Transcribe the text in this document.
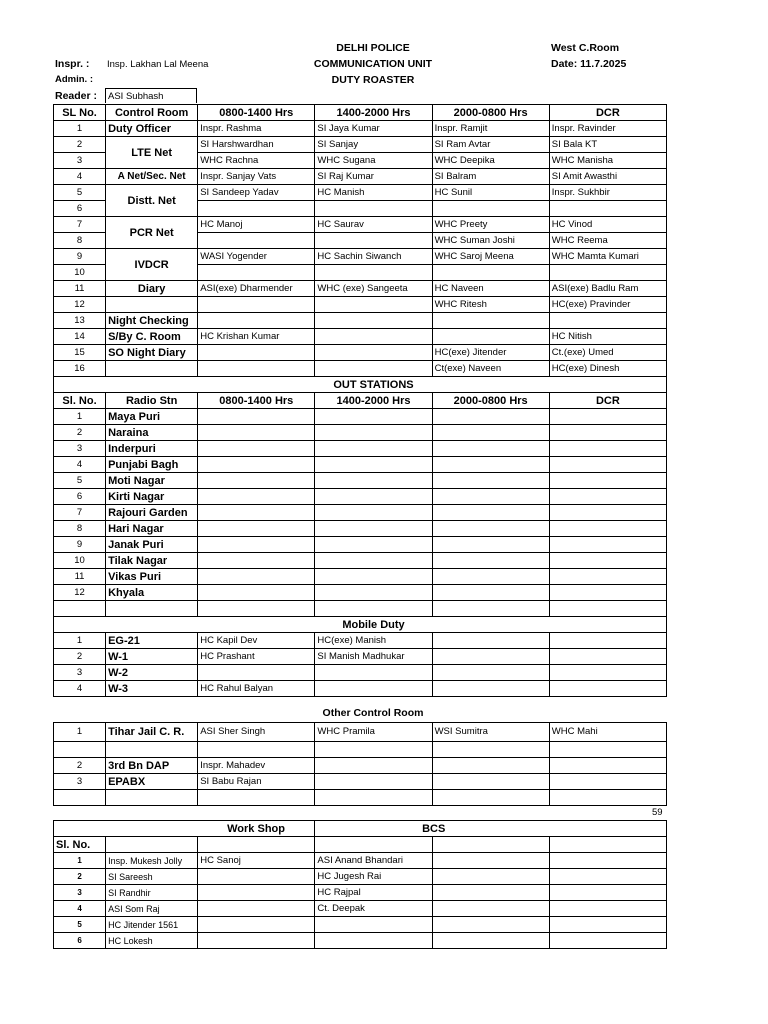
Inspr. : Insp. Lakhan Lal Meena
Admin. :
Reader :	ASI Subhash
DELHI POLICE
COMMUNICATION UNIT
DUTY ROASTER
West C.Room
Date: 11.7.2025
SL No.	Control Room	0800-1400 Hrs	1400-2000 Hrs	2000-0800 Hrs	DCR
1	Duty Officer	Inspr. Rashma	SI Jaya Kumar	Inspr. Ramjit	Inspr. Ravinder
2	LTE Net	SI Harshwardhan	SI Sanjay	SI Ram Avtar	SI Bala KT
3		WHC Rachna	WHC Sugana	WHC Deepika	WHC Manisha
4	A Net/Sec. Net	Inspr. Sanjay Vats	SI Raj Kumar	SI Balram	SI Amit Awasthi
5	Distt. Net	SI Sandeep Yadav	HC Manish	HC Sunil	Inspr. Sukhbir
6					
7	PCR Net	HC Manoj	HC Saurav	WHC Preety	HC Vinod
8				WHC Suman Joshi	WHC Reema
9	IVDCR	WASI Yogender	HC Sachin Siwanch	WHC Saroj Meena	WHC Mamta Kumari
10					
11	Diary	ASI(exe) Dharmender	WHC (exe) Sangeeta	HC Naveen	ASI(exe) Badlu Ram
12				WHC Ritesh	HC(exe) Pravinder
13	Night Checking				
14	S/By C. Room	HC Krishan Kumar			HC Nitish
15	SO Night Diary			HC(exe) Jitender	Ct.(exe) Umed
16				Ct(exe) Naveen	HC(exe) Dinesh
			OUT STATIONS		
Sl. No.	Radio Stn	0800-1400 Hrs	1400-2000 Hrs	2000-0800 Hrs	DCR
1	Maya Puri				
2	Naraina				
3	Inderpuri				
4	Punjabi Bagh				
5	Moti Nagar				
6	Kirti Nagar				
7	Rajouri Garden				
8	Hari Nagar				
9	Janak Puri				
10	Tilak Nagar				
11	Vikas Puri				
12	Khyala				

			Mobile Duty		
1	EG-21	HC Kapil Dev	HC(exe) Manish		
2	W-1	HC Prashant	SI Manish Madhukar		
3	W-2				
4	W-3	HC Rahul Balyan			
Other Control Room
1	Tihar Jail C. R.	ASI Sher Singh	WHC Pramila	WSI Sumitra	WHC Mahi

2	3rd Bn DAP	Inspr. Mahadev			
3	EPABX	SI Babu Rajan			

59
		Work Shop		BCS	
Sl. No.					
1	Insp. Mukesh Jolly	HC Sanoj	ASI Anand Bhandari		
2	SI Sareesh		HC Jugesh Rai		
3	SI Randhir		HC Rajpal		
4	ASI Som Raj		Ct. Deepak		
5	HC Jitender 1561				
6	HC Lokesh				
